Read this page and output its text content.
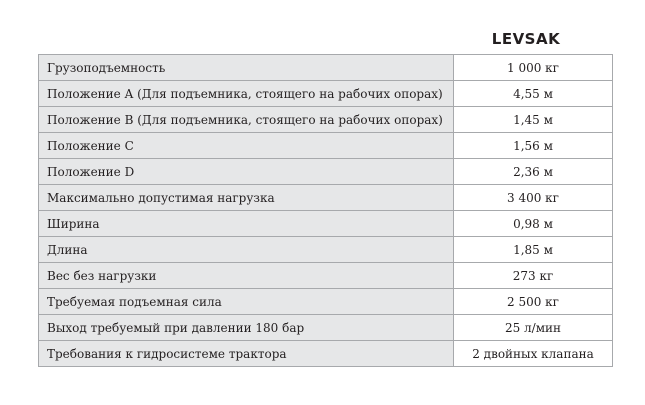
LEVSAK
Грузоподъемность	1 000 кг
Положение A (Для подъемника, стоящего на рабочих опорах)	4,55 м
Положение B (Для подъемника, стоящего на рабочих опорах)	1,45 м
Положение C	1,56 м
Положение D	2,36 м
Максимально допустимая нагрузка	3 400 кг
Ширина	0,98 м
Длина	1,85 м
Вес без нагрузки	273 кг
Требуемая подъемная сила	2 500 кг
Выход требуемый при давлении 180 бар	25 л/мин
Требования к гидросистеме трактора	2 двойных клапана
